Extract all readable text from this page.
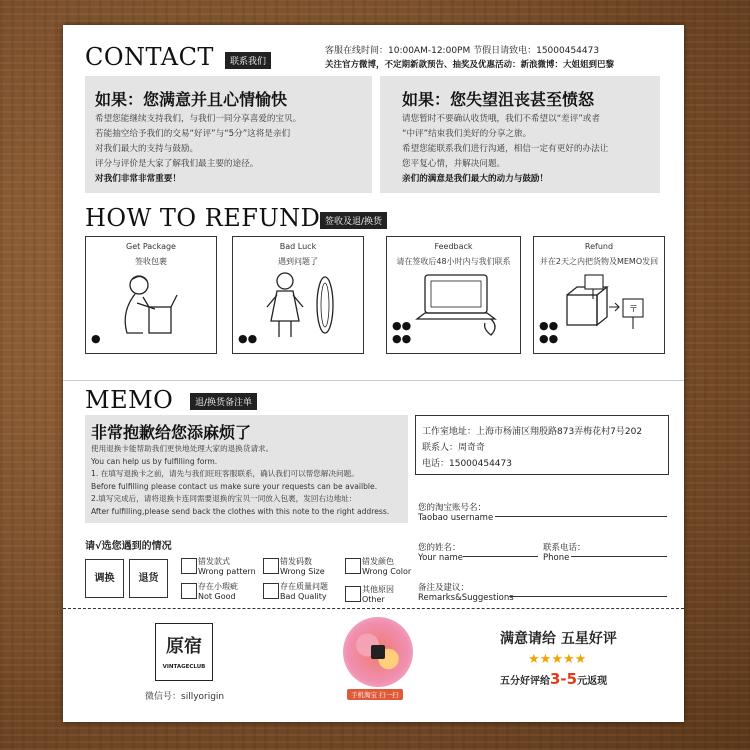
CONTACT	联系我们
客服在线时间：10:00AM-12:00PM 节假日请致电：15000454473
关注官方微博，不定期新款预告、抽奖及优惠活动：新浪微博：大姐姐到巴黎
如果：您满意并且心情愉快
希望您能继续支持我们，与我们一同分享喜爱的宝贝。
若能抽空给予我们的交易“好评”与“5分”这将是亲们
对我们最大的支持与鼓励。
评分与评价是大家了解我们最主要的途径。
对我们非常非常重要！
如果：您失望沮丧甚至愤怒
请您暂时不要确认收货哦，我们不希望以“差评”或者
“中评”结束我们美好的分享之旅。
希望您能联系我们进行沟通，相信一定有更好的办法让
您平复心情，并解决问题。
亲们的满意是我们最大的动力与鼓励！
HOW TO REFUND 签收及退/换货
Get Package
签收包裹
●
Bad Luck
遇到问题了
●●
Feedback
请在签收后48小时内与我们联系
●●
●●
Refund
并在2天之内把货物及MEMO发回
〒
●●
●●
MEMO	退/换货备注单
非常抱歉给您添麻烦了
使用退换卡能帮助我们更快地处理大家的退换货请求。
You can help us by fulfilling form.
1. 在填写退换卡之前，请先与我们旺旺客服联系，确认我们可以帮您解决问题。
Before fulfilling please contact us make sure your requests can be availble.
2.填写完成后，请将退换卡连同需要退换的宝贝一同放入包裹，发回右边地址：
After fulfilling,please send back the clothes with this note to the right address.
工作室地址：上海市杨浦区翔殷路873弄梅花村7号202
联系人：周奇奇
电话：15000454473
您的淘宝账号名：
Taobao username
您的姓名：
Your name
联系电话：
Phone
备注及建议：
Remarks&Suggestions
请√选您遇到的情况
调换	退货
错发款式
Wrong pattern
错发码数
Wrong Size
错发颜色
Wrong Color
存在小瑕疵
Not Good
存在质量问题
Bad Quality
其他原因
Other
原宿
VINTAGECLUB
微信号：sillyorigin	手机淘宝 扫一扫
满意请给 五星好评
★★★★★
五分好评给3-5元返现
